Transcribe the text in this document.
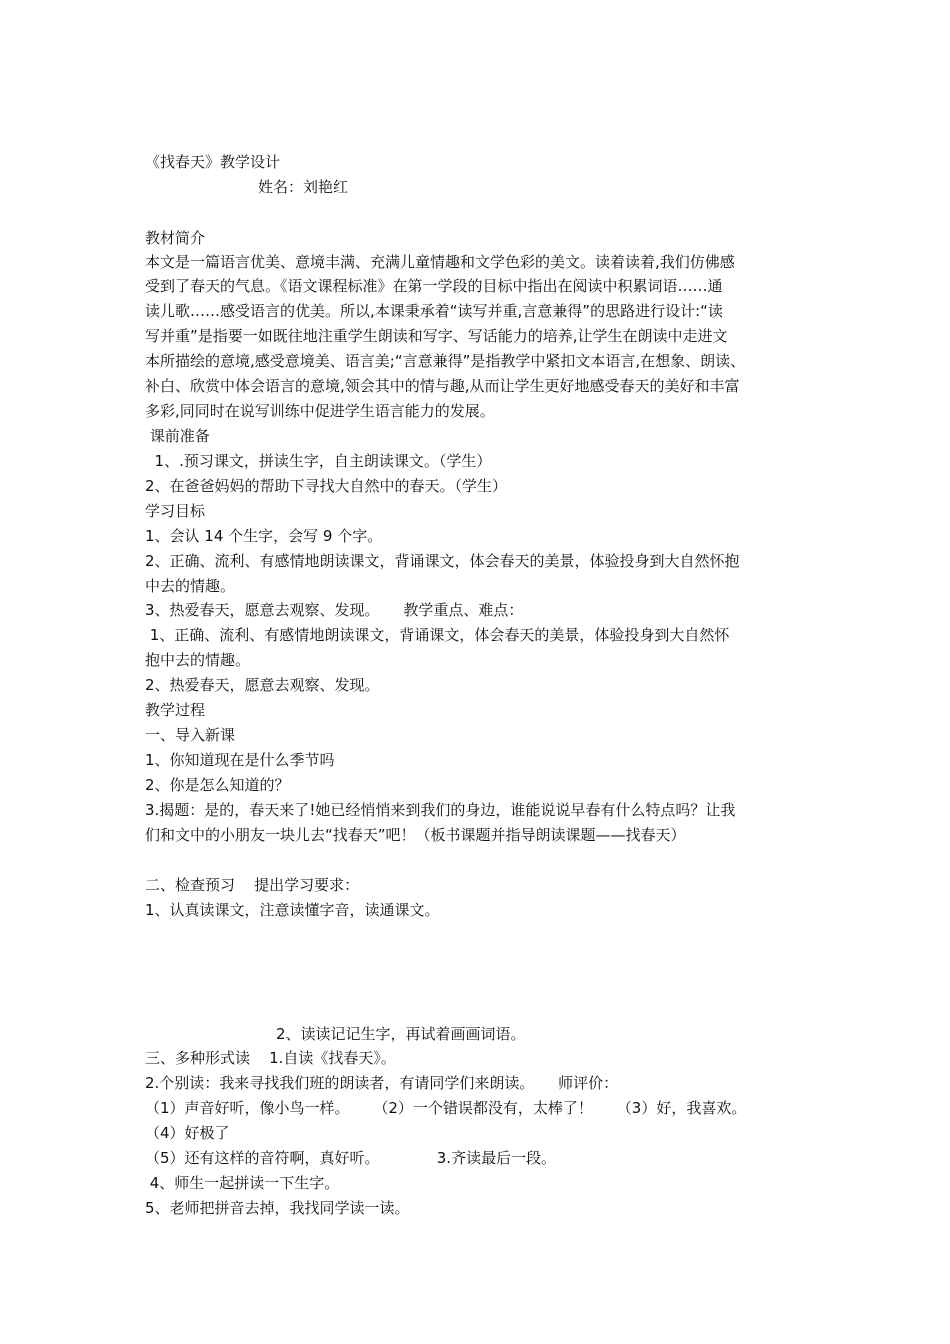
《找春天》教学设计

姓名：刘艳红

教材简介

本文是一篇语言优美、意境丰满、充满儿童情趣和文学色彩的美文。读着读着,我们仿佛感

受到了春天的气息。《语文课程标准》在第一学段的目标中指出在阅读中积累词语……通

读儿歌……感受语言的优美。所以,本课秉承着“读写并重,言意兼得”的思路进行设计:“读

写并重”是指要一如既往地注重学生朗读和写字、写话能力的培养,让学生在朗读中走进文

本所描绘的意境,感受意境美、语言美;“言意兼得”是指教学中紧扣文本语言,在想象、朗读、

补白、欣赏中体会语言的意境,领会其中的情与趣,从而让学生更好地感受春天的美好和丰富

多彩,同同时在说写训练中促进学生语言能力的发展。

课前准备

1、.预习课文，拼读生字，自主朗读课文。（学生）

2、在爸爸妈妈的帮助下寻找大自然中的春天。（学生）

学习目标

1、会认 14 个生字，会写 9 个字。

2、正确、流利、有感情地朗读课文，背诵课文，体会春天的美景，体验投身到大自然怀抱

中去的情趣。

3、热爱春天，愿意去观察、发现。     教学重点、难点：

1、正确、流利、有感情地朗读课文，背诵课文，体会春天的美景，体验投身到大自然怀

抱中去的情趣。

2、热爱春天，愿意去观察、发现。

教学过程

一、导入新课

1、你知道现在是什么季节吗

2、你是怎么知道的？

3.揭题：是的，春天来了!她已经悄悄来到我们的身边，谁能说说早春有什么特点吗？让我

们和文中的小朋友一块儿去“找春天”吧！（板书课题并指导朗读课题——找春天）

二、检查预习    提出学习要求：

1、认真读课文，注意读懂字音，读通课文。

2、读读记记生字，再试着画画词语。

三、多种形式读    1.自读《找春天》。

2.个别读：我来寻找我们班的朗读者，有请同学们来朗读。     师评价：

（1）声音好听，像小鸟一样。     （2）一个错误都没有，太棒了！     （3）好，我喜欢。

（4）好极了

（5）还有这样的音符啊，真好听。            3.齐读最后一段。

4、师生一起拼读一下生字。

5、老师把拼音去掉，我找同学读一读。
